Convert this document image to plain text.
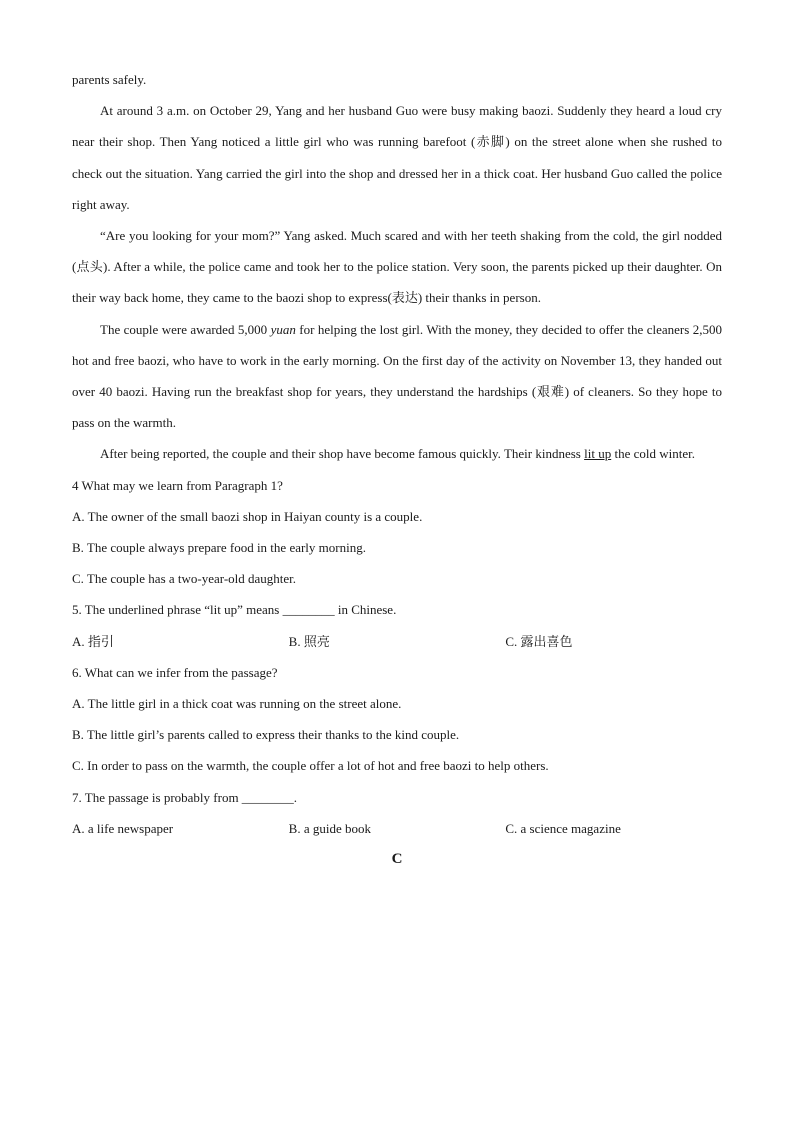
parents safely.

At around 3 a.m. on October 29, Yang and her husband Guo were busy making baozi. Suddenly they heard a loud cry near their shop. Then Yang noticed a little girl who was running barefoot (赤脚) on the street alone when she rushed to check out the situation. Yang carried the girl into the shop and dressed her in a thick coat. Her husband Guo called the police right away.

“Are you looking for your mom?” Yang asked. Much scared and with her teeth shaking from the cold, the girl nodded (点头). After a while, the police came and took her to the police station. Very soon, the parents picked up their daughter. On their way back home, they came to the baozi shop to express(表达) their thanks in person.

The couple were awarded 5,000 yuan for helping the lost girl. With the money, they decided to offer the cleaners 2,500 hot and free baozi, who have to work in the early morning. On the first day of the activity on November 13, they handed out over 40 baozi. Having run the breakfast shop for years, they understand the hardships (艰难) of cleaners. So they hope to pass on the warmth.

After being reported, the couple and their shop have become famous quickly. Their kindness lit up the cold winter.

4 What may we learn from Paragraph 1?

A. The owner of the small baozi shop in Haiyan county is a couple.

B. The couple always prepare food in the early morning.

C. The couple has a two-year-old daughter.

5. The underlined phrase “lit up” means ________ in Chinese.

A. 指引	B. 照亮	C. 露出喜色

6. What can we infer from the passage?

A. The little girl in a thick coat was running on the street alone.

B. The little girl’s parents called to express their thanks to the kind couple.

C. In order to pass on the warmth, the couple offer a lot of hot and free baozi to help others.

7. The passage is probably from ________.

A. a life newspaper	B. a guide book	C. a science magazine

C
